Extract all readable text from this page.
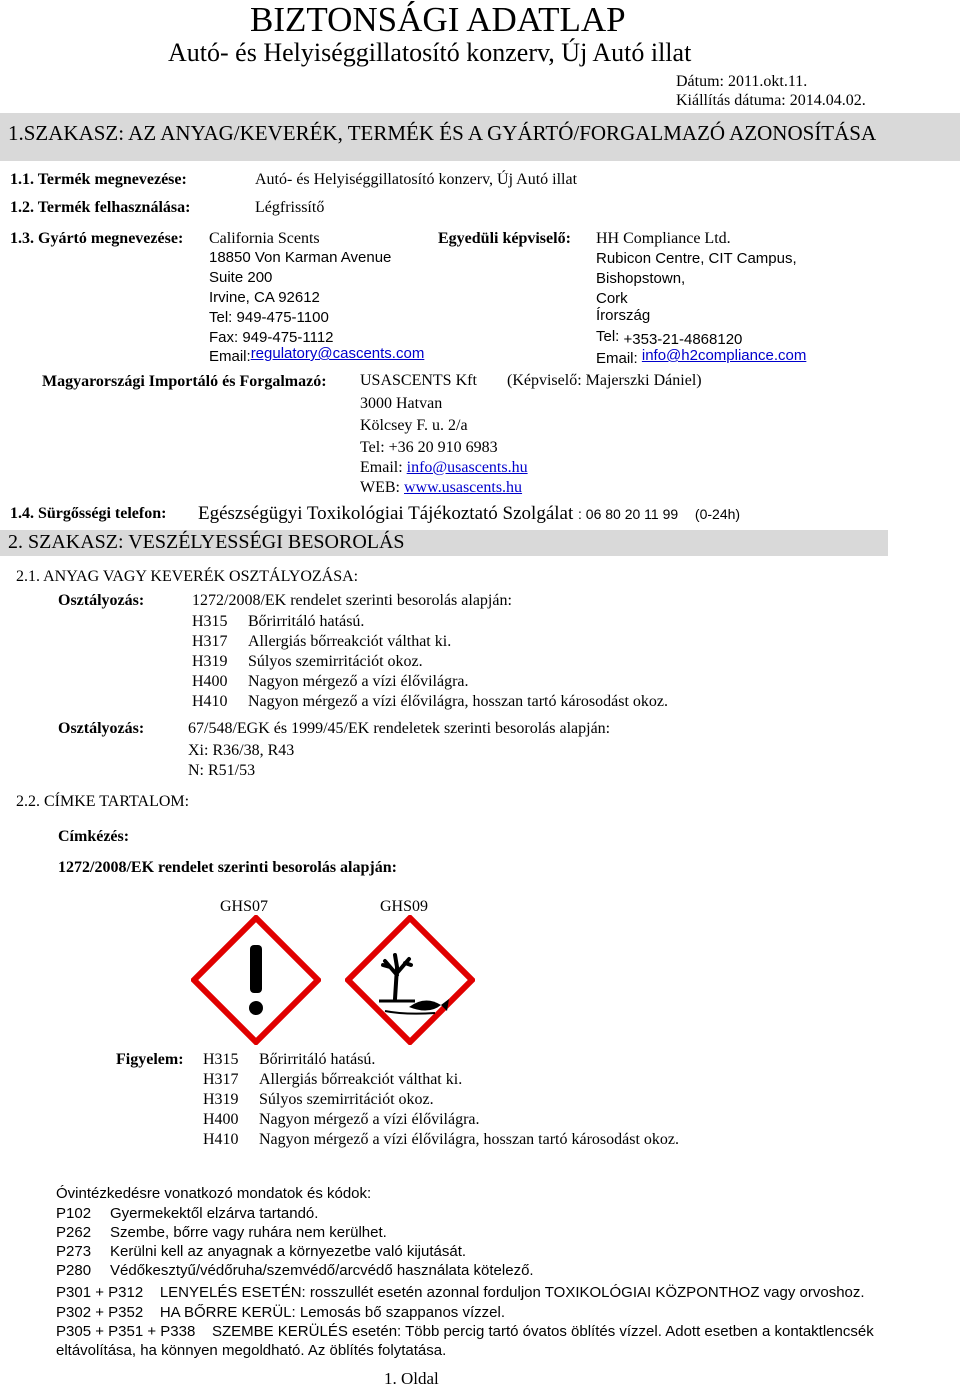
BIZTONSÁGI ADATLAP
Autó- és Helyiséggillatosító konzerv, Új Autó illat
Dátum: 2011.okt.11.
Kiállítás dátuma: 2014.04.02.
1.SZAKASZ: AZ ANYAG/KEVERÉK, TERMÉK ÉS A GYÁRTÓ/FORGALMAZÓ AZONOSÍTÁSA
1.1. Termék megnevezése:	Autó- és Helyiséggillatosító konzerv, Új Autó illat
1.2. Termék felhasználása:	Légfrissítő
1.3. Gyártó megnevezése: California Scents
18850 Von Karman Avenue
Suite 200
Irvine, CA 92612
Tel: 949-475-1100
Fax: 949-475-1112
Email:regulatory@cascents.com
Egyedüli képviselő: HH Compliance Ltd.
Rubicon Centre, CIT Campus,
Bishopstown,
Cork
Írország
Tel: +353-21-4868120
Email: info@h2compliance.com
Magyarországi Importáló és Forgalmazó: USASCENTS Kft (Képviselő: Majerszki Dániel)
3000 Hatvan
Kölcsey F. u. 2/a
Tel: +36 20 910 6983
Email: info@usascents.hu
WEB: www.usascents.hu
1.4. Sürgősségi telefon: Egészségügyi Toxikológiai Tájékoztató Szolgálat : 06 80 20 11 99 (0-24h)
2. SZAKASZ: VESZÉLYESSÉGI BESOROLÁS
2.1. ANYAG VAGY KEVERÉK OSZTÁLYOZÁSA:
Osztályozás:	1272/2008/EK rendelet szerinti besorolás alapján:
H315 Bőrirritáló hatású.
H317 Allergiás bőrreakciót válthat ki.
H319 Súlyos szemirritációt okoz.
H400 Nagyon mérgező a vízi élővilágra.
H410 Nagyon mérgező a vízi élővilágra, hosszan tartó károsodást okoz.
Osztályozás:	67/548/EGK és 1999/45/EK rendeletek szerinti besorolás alapján:
Xi: R36/38, R43
N: R51/53
2.2. CÍMKE TARTALOM:
Címkézés:
1272/2008/EK rendelet szerinti besorolás alapján:
GHS07	GHS09
Figyelem: H315 Bőrirritáló hatású.
H317 Allergiás bőrreakciót válthat ki.
H319 Súlyos szemirritációt okoz.
H400 Nagyon mérgező a vízi élővilágra.
H410 Nagyon mérgező a vízi élővilágra, hosszan tartó károsodást okoz.
Óvintézkedésre vonatkozó mondatok és kódok:
P102 Gyermekektől elzárva tartandó.
P262 Szembe, bőrre vagy ruhára nem kerülhet.
P273 Kerülni kell az anyagnak a környezetbe való kijutását.
P280 Védőkesztyű/védőruha/szemvédő/arcvédő használata kötelező.
P301 + P312    LENYELÉS ESETÉN: rosszullét esetén azonnal forduljon TOXIKOLÓGIAI KÖZPONTHOZ vagy orvoshoz.
P302 + P352    HA BŐRRE KERÜL: Lemosás bő szappanos vízzel.
P305 + P351 + P338    SZEMBE KERÜLÉS esetén: Több percig tartó óvatos öblítés vízzel. Adott esetben a kontaktlencsék
eltávolítása, ha könnyen megoldható. Az öblítés folytatása.
1. Oldal
